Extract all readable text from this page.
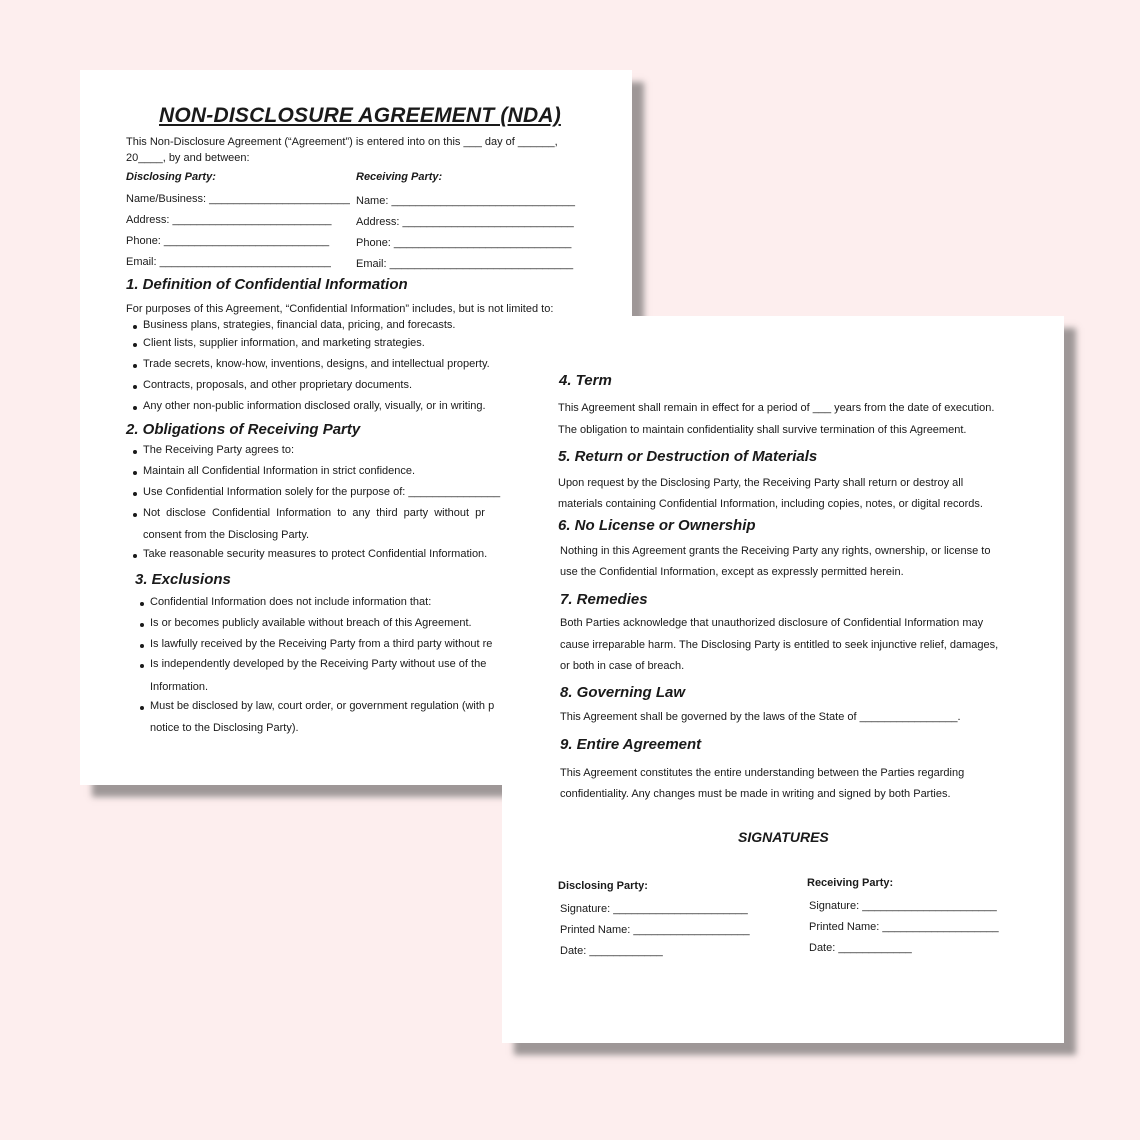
NON-DISCLOSURE AGREEMENT (NDA)
This Non-Disclosure Agreement (“Agreement”) is entered into on this ___ day of ______,
20____, by and between:
Disclosing Party:
Name/Business: _______________________
Address: __________________________
Phone: ___________________________
Email: ____________________________
Receiving Party:
Name: ______________________________
Address: ____________________________
Phone: _____________________________
Email: ______________________________
1. Definition of Confidential Information
For purposes of this Agreement, “Confidential Information” includes, but is not limited to:
Business plans, strategies, financial data, pricing, and forecasts.
Client lists, supplier information, and marketing strategies.
Trade secrets, know-how, inventions, designs, and intellectual property.
Contracts, proposals, and other proprietary documents.
Any other non-public information disclosed orally, visually, or in writing.
2. Obligations of Receiving Party
The Receiving Party agrees to:
Maintain all Confidential Information in strict confidence.
Use Confidential Information solely for the purpose of: _______________
Not disclose Confidential Information to any third party without pr
consent from the Disclosing Party.
Take reasonable security measures to protect Confidential Information.
3. Exclusions
Confidential Information does not include information that:
Is or becomes publicly available without breach of this Agreement.
Is lawfully received by the Receiving Party from a third party without re
Is independently developed by the Receiving Party without use of the
Information.
Must be disclosed by law, court order, or government regulation (with p
notice to the Disclosing Party).
4. Term
This Agreement shall remain in effect for a period of ___ years from the date of execution.
The obligation to maintain confidentiality shall survive termination of this Agreement.
5. Return or Destruction of Materials
Upon request by the Disclosing Party, the Receiving Party shall return or destroy all
materials containing Confidential Information, including copies, notes, or digital records.
6. No License or Ownership
Nothing in this Agreement grants the Receiving Party any rights, ownership, or license to
use the Confidential Information, except as expressly permitted herein.
7. Remedies
Both Parties acknowledge that unauthorized disclosure of Confidential Information may
cause irreparable harm. The Disclosing Party is entitled to seek injunctive relief, damages,
or both in case of breach.
8. Governing Law
This Agreement shall be governed by the laws of the State of ________________.
9. Entire Agreement
This Agreement constitutes the entire understanding between the Parties regarding
confidentiality. Any changes must be made in writing and signed by both Parties.
SIGNATURES
Disclosing Party:
Signature: ______________________
Printed Name: ___________________
Date: ____________
Receiving Party:
Signature: ______________________
Printed Name: ___________________
Date: ____________
